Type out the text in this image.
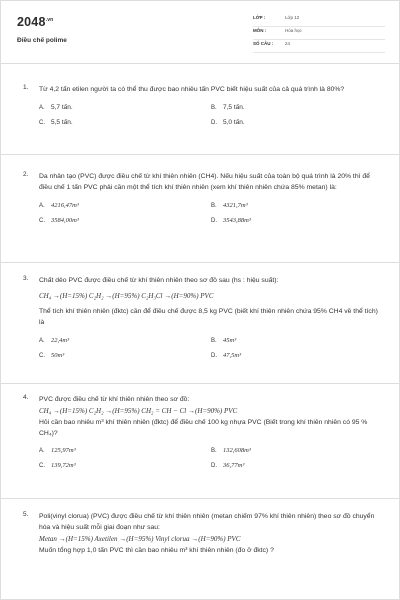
$2048^{.vn}$
Điều chế polime
LỚP :	Lớp 12
MÔN :	Hóa học
SỐ CÂU :	24
1. Từ 4,2 tấn etilen người ta có thể thu được bao nhiêu tấn PVC biết hiệu suất của cả quá trình là 80%?
A. 5,7 tấn.	B. 7,5 tấn.
C. 5,5 tấn.	D. 5,0 tấn.
2. Da nhân tạo (PVC) được điều chế từ khí thiên nhiên (CH4). Nếu hiệu suất của toàn bộ quá trình là 20% thì để điều chế 1 tấn PVC phải cần một thể tích khí thiên nhiên (xem khí thiên nhiên chứa 85% metan) là:
A. 4216,47m³	B. 4321,7m³
C. 3584,00m³	D. 3543,88m³
3. Chất dẻo PVC được điều chế từ khí thiên nhiên theo sơ đồ sau (hs : hiệu suất):
CH₄ →(H=15%) C₂H₂ →(H=95%) C₂H₃Cl →(H=90%) PVC
Thể tích khí thiên nhiên (đktc) cần để điều chế được 8,5 kg PVC (biết khí thiên nhiên chứa 95% CH4 về thể tích) là
A. 22,4m³	B. 45m³
C. 50m³	D. 47,5m³
4. PVC được điều chế từ khí thiên nhiên theo sơ đồ:
CH₄ →(H=15%) C₂H₂ →(H=95%) CH₂ = CH − Cl →(H=90%) PVC
Hỏi cần bao nhiêu m³ khí thiên nhiên (đktc) để điều chế 100 kg nhựa PVC (Biết trong khí thiên nhiên có 95 % CH₄)?
A. 125,97m³	B. 132,608m³
C. 139,72m³	D. 36,77m³
5. Poli(vinyl clorua) (PVC) được điều chế từ khí thiên nhiên (metan chiếm 97% khí thiên nhiên) theo sơ đồ chuyển hóa và hiệu suất mỗi giai đoạn như sau:
Metan →(H=15%) Axetilen →(H=95%) Vinyl clorua →(H=90%) PVC
Muốn tổng hợp 1,0 tấn PVC thì cần bao nhiêu m³ khí thiên nhiên (đo ở đktc) ?
